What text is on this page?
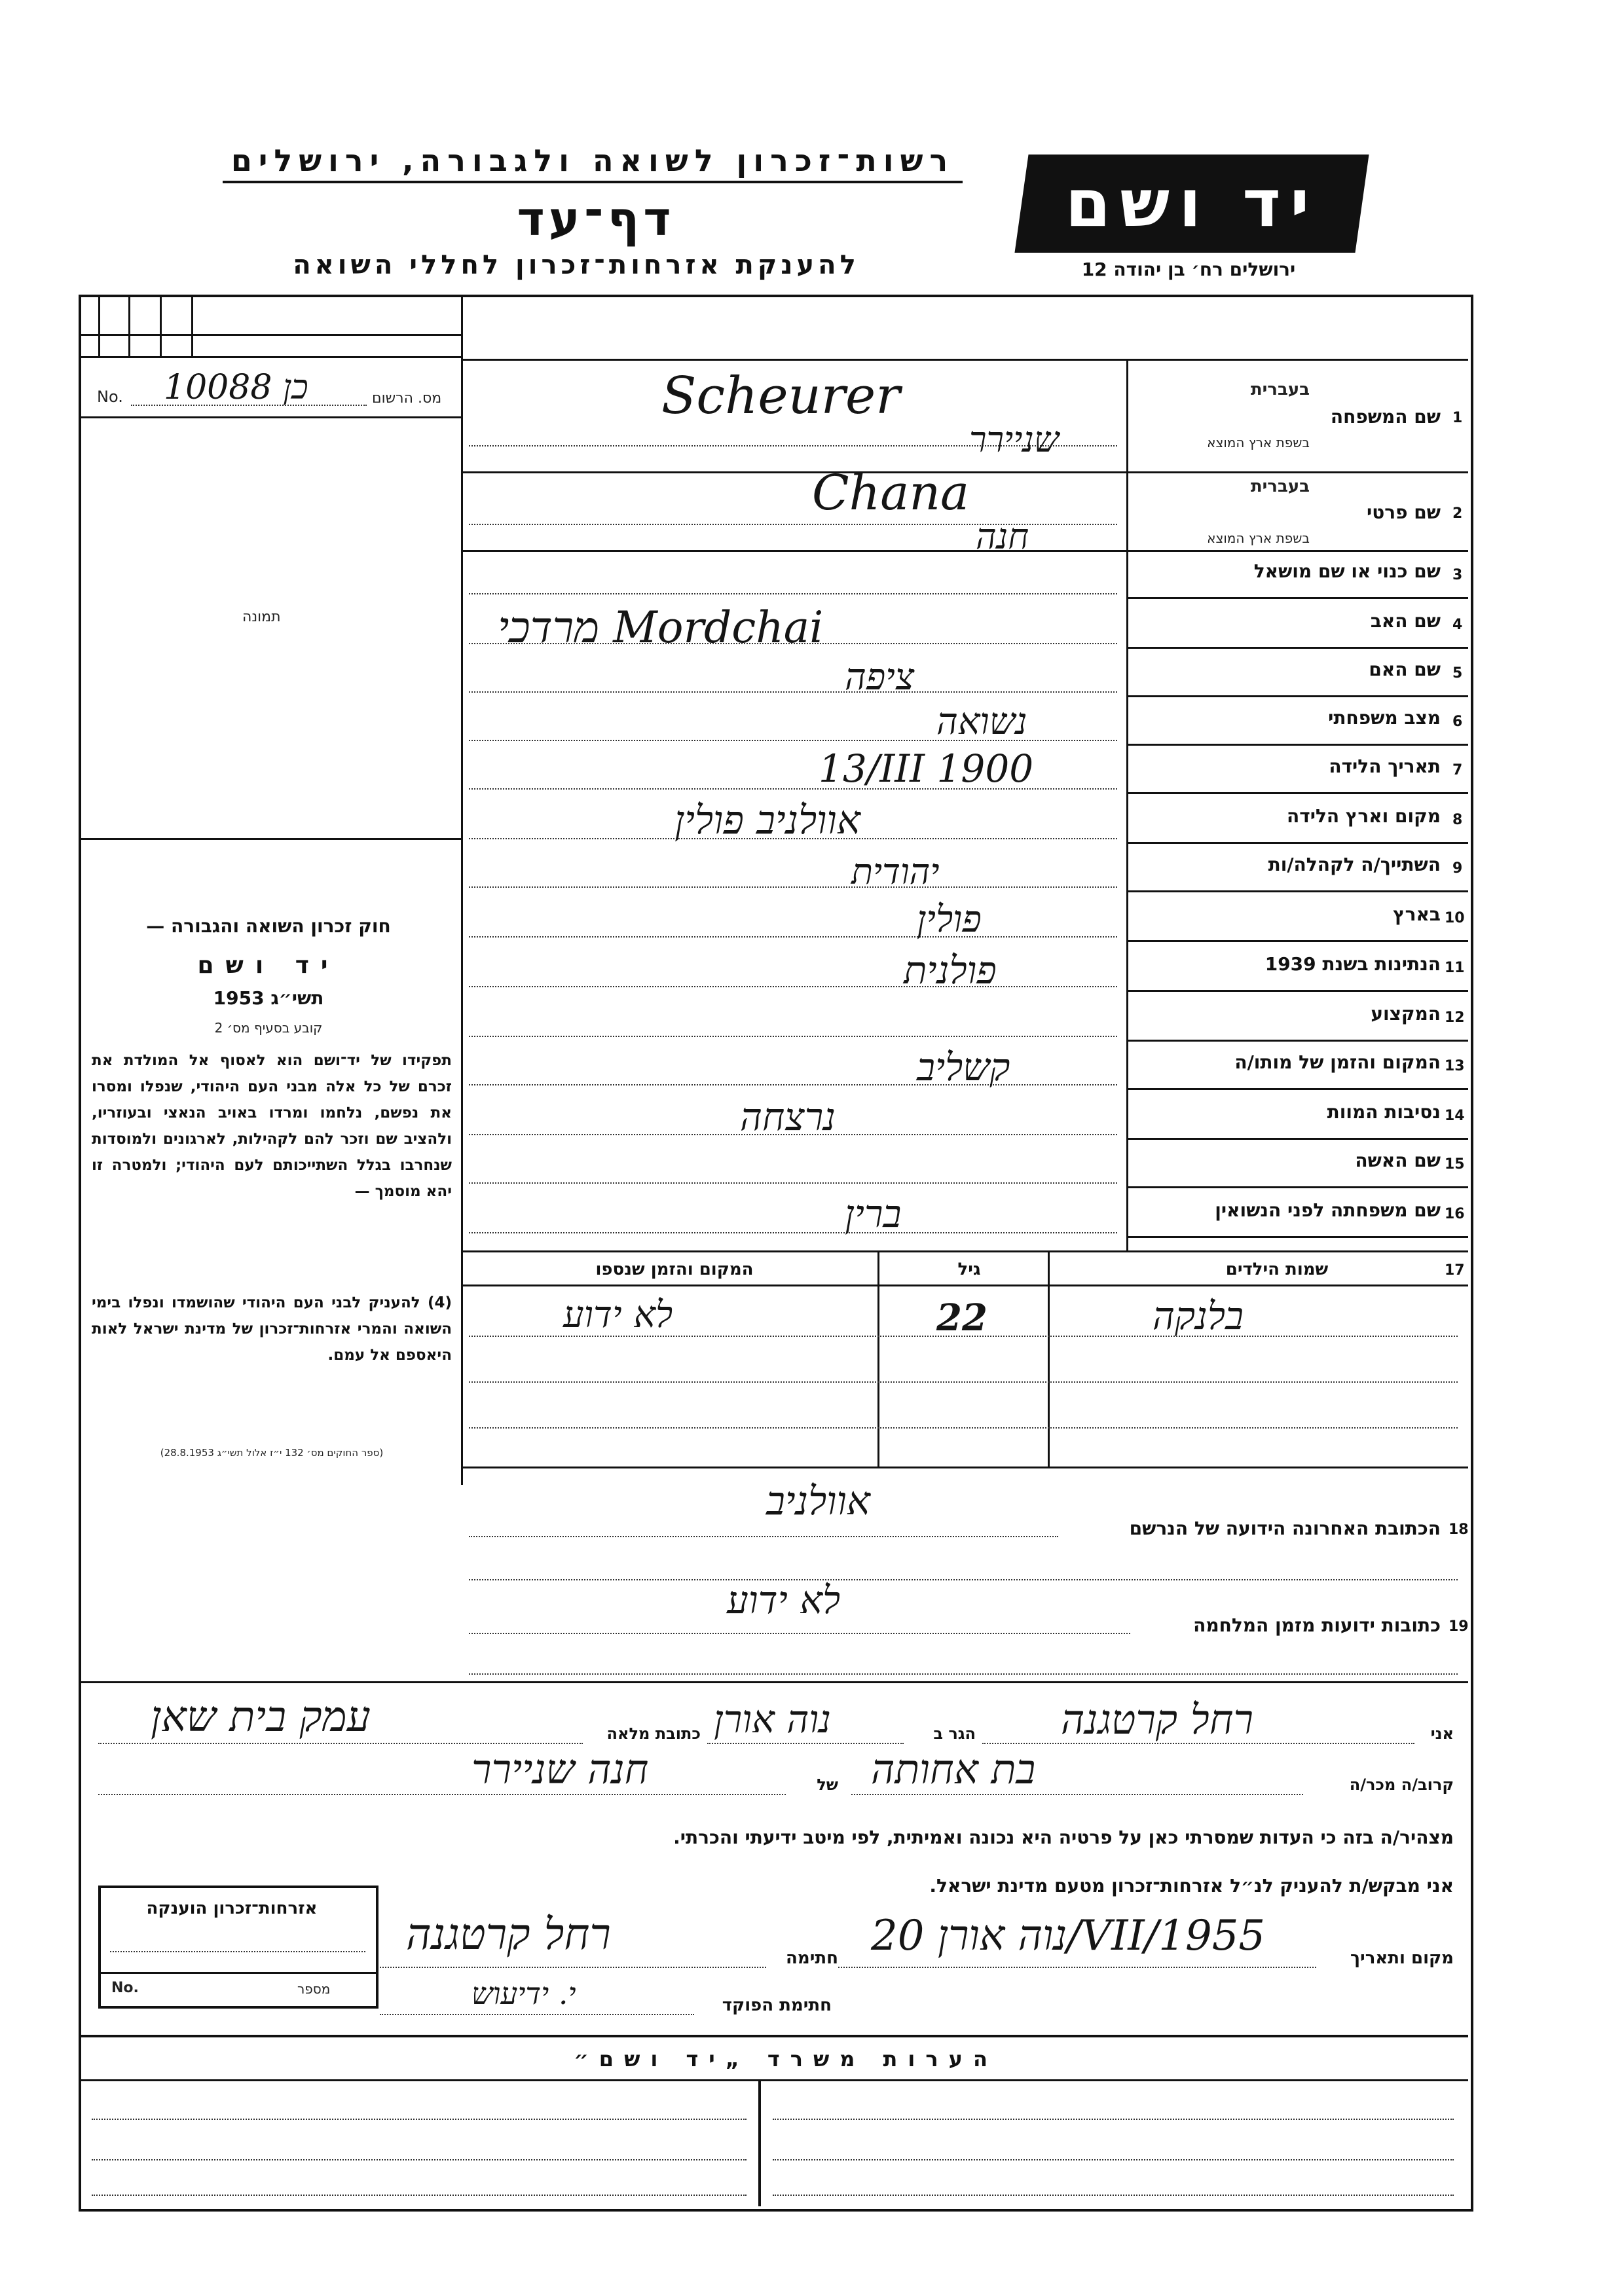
רשות־זכרון לשואה ולגבורה, ירושלים
דף־עד
להענקת אזרחות־זכרון לחללי השואה
יד ושם
ירושלים רח׳ בן יהודה 12
No. 10088 כן	מס. הרשום
תמונה
חוק זכרון השואה והגבורה —
יד ושם
תשי״ג 1953
קובע בסעיף מס׳ 2
תפקידו של יד־ושם הוא לאסוף אל המולדת את זכרם של כל אלה מבני העם היהודי, שנפלו ומסרו את נפשם, נלחמו ומרדו באויב הנאצי ובעוזריו, ולהציב שם וזכר להם לקהילות, לארגונים ולמוסדות שנחרבו בגלל השתייכותם לעם היהודי; ולמטרה זו יהא מוסמך —
(4) להעניק לבני העם היהודי שהושמדו ונפלו בימי השואה והמרי אזרחות־זכרון של מדינת ישראל לאות היאספם אל עמם.
(ספר החוקים מס׳ 132 י״ז אלול תשי״ג 28.8.1953)
1
שם המשפחה
בעברית
בשפת ארץ המוצא
Scheurer
שניירר
2
שם פרטי
בעברית
בשפת ארץ המוצא
Chana
חנה
3
שם כנוי או שם מושאל
4
שם האב
מרדכי Mordchai
5
שם האם
ציפה
6
מצב משפחתי
נשואה
7
תאריך הלידה
13/III 1900
8
מקום וארץ הלידה
אוולניב פולין
9
השתייך/ה לקהלה/ות
יהודית
10
בארץ
פולין
11
הנתינות בשנת 1939
פולנית
12
המקצוע
13
המקום והזמן של מותו/ה
קשליב
14
נסיבות המוות
נרצחה
15
שם האשה
16
שם משפחתה לפני הנשואין
ברין
17
שמות הילדים
גיל
המקום והזמן שנספו
בלנקה
22
לא ידוע
הכתובת האחרונה הידועה של הנרשם 18
אוולניב
כתובות ידועות מזמן המלחמה 19
לא ידוע
אני
רחל קרטגנה
הגר ב
נוה אורן
כתובת מלאה
עמק בית שאן
קרוב/ה מכר/ה
בת אחותה
של
חנה שניירר
מצהיר/ה בזה כי העדות שמסרתי כאן על פרטיה היא נכונה ואמיתית, לפי מיטב ידיעתי והכרתי.
אני מבקש/ת להעניק לנ״ל אזרחות־זכרון מטעם מדינת ישראל.
אזרחות־זכרון הוענקה
No.	מספר
מקום ותאריך
נוה אורן 20/VII/1955
חתימה
רחל קרטגנה
חתימת הפוקד
י. ידיעוש
הערות משרד „יד ושם״
